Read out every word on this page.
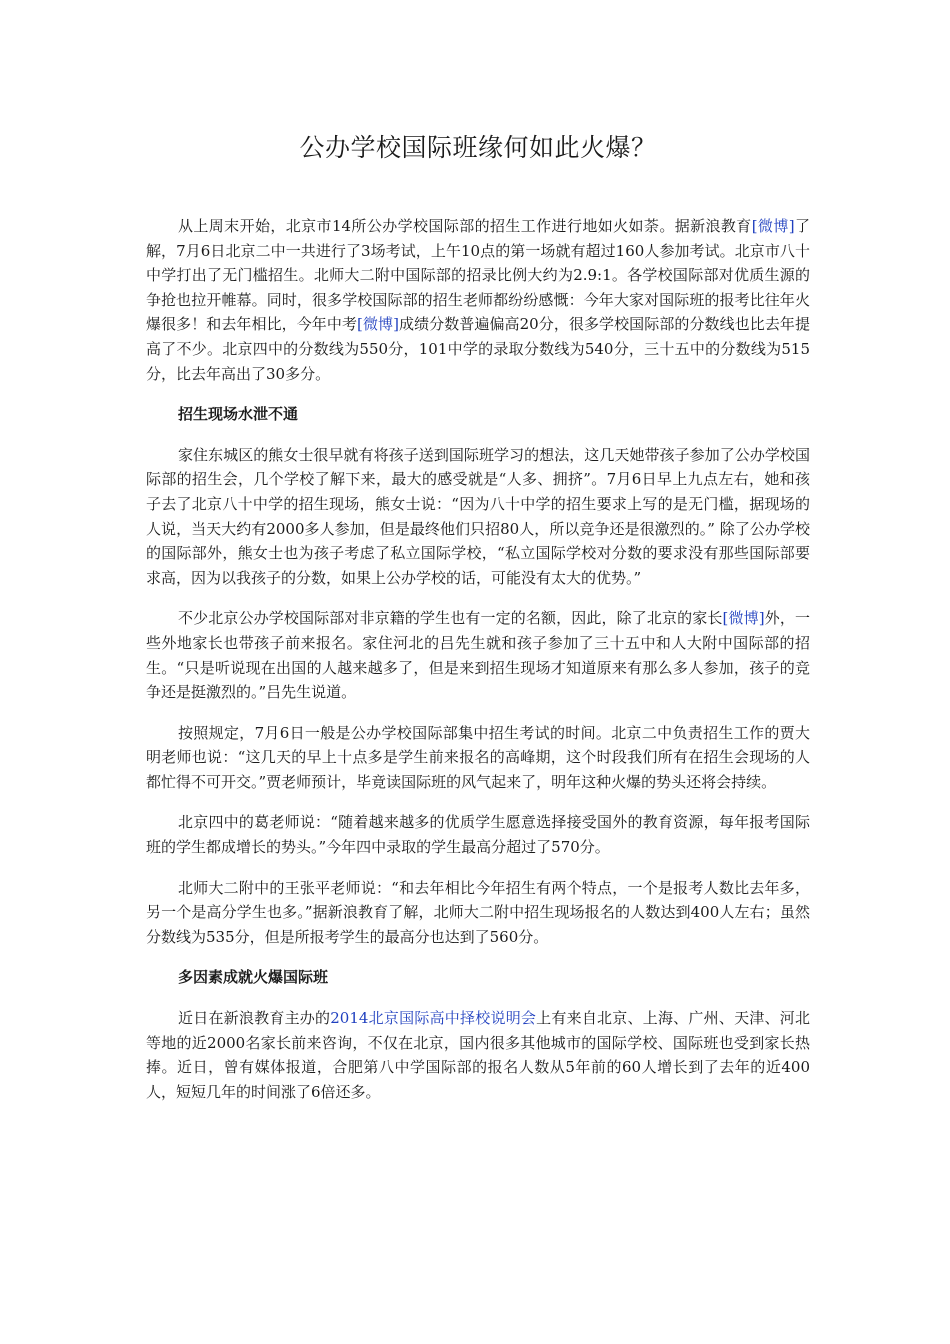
公办学校国际班缘何如此火爆？

从上周末开始，北京市14所公办学校国际部的招生工作进行地如火如荼。据新浪教育[微博]了解，7月6日北京二中一共进行了3场考试，上午10点的第一场就有超过160人参加考试。北京市八十中学打出了无门槛招生。北师大二附中国际部的招录比例大约为2.9:1。各学校国际部对优质生源的争抢也拉开帷幕。同时，很多学校国际部的招生老师都纷纷感慨：今年大家对国际班的报考比往年火爆很多！和去年相比，今年中考[微博]成绩分数普遍偏高20分，很多学校国际部的分数线也比去年提高了不少。北京四中的分数线为550分，101中学的录取分数线为540分，三十五中的分数线为515分，比去年高出了30多分。

招生现场水泄不通

家住东城区的熊女士很早就有将孩子送到国际班学习的想法，这几天她带孩子参加了公办学校国际部的招生会，几个学校了解下来，最大的感受就是“人多、拥挤”。7月6日早上九点左右，她和孩子去了北京八十中学的招生现场，熊女士说：“因为八十中学的招生要求上写的是无门槛，据现场的人说，当天大约有2000多人参加，但是最终他们只招80人，所以竞争还是很激烈的。” 除了公办学校的国际部外，熊女士也为孩子考虑了私立国际学校，“私立国际学校对分数的要求没有那些国际部要求高，因为以我孩子的分数，如果上公办学校的话，可能没有太大的优势。”

不少北京公办学校国际部对非京籍的学生也有一定的名额，因此，除了北京的家长[微博]外，一些外地家长也带孩子前来报名。家住河北的吕先生就和孩子参加了三十五中和人大附中国际部的招生。“只是听说现在出国的人越来越多了，但是来到招生现场才知道原来有那么多人参加，孩子的竞争还是挺激烈的。”吕先生说道。

按照规定，7月6日一般是公办学校国际部集中招生考试的时间。北京二中负责招生工作的贾大明老师也说：“这几天的早上十点多是学生前来报名的高峰期，这个时段我们所有在招生会现场的人都忙得不可开交。”贾老师预计，毕竟读国际班的风气起来了，明年这种火爆的势头还将会持续。

北京四中的葛老师说：“随着越来越多的优质学生愿意选择接受国外的教育资源，每年报考国际班的学生都成增长的势头。”今年四中录取的学生最高分超过了570分。

北师大二附中的王张平老师说：“和去年相比今年招生有两个特点，一个是报考人数比去年多，另一个是高分学生也多。”据新浪教育了解，北师大二附中招生现场报名的人数达到400人左右；虽然分数线为535分，但是所报考学生的最高分也达到了560分。

多因素成就火爆国际班

近日在新浪教育主办的2014北京国际高中择校说明会上有来自北京、上海、广州、天津、河北等地的近2000名家长前来咨询，不仅在北京，国内很多其他城市的国际学校、国际班也受到家长热捧。近日，曾有媒体报道，合肥第八中学国际部的报名人数从5年前的60人增长到了去年的近400人，短短几年的时间涨了6倍还多。
